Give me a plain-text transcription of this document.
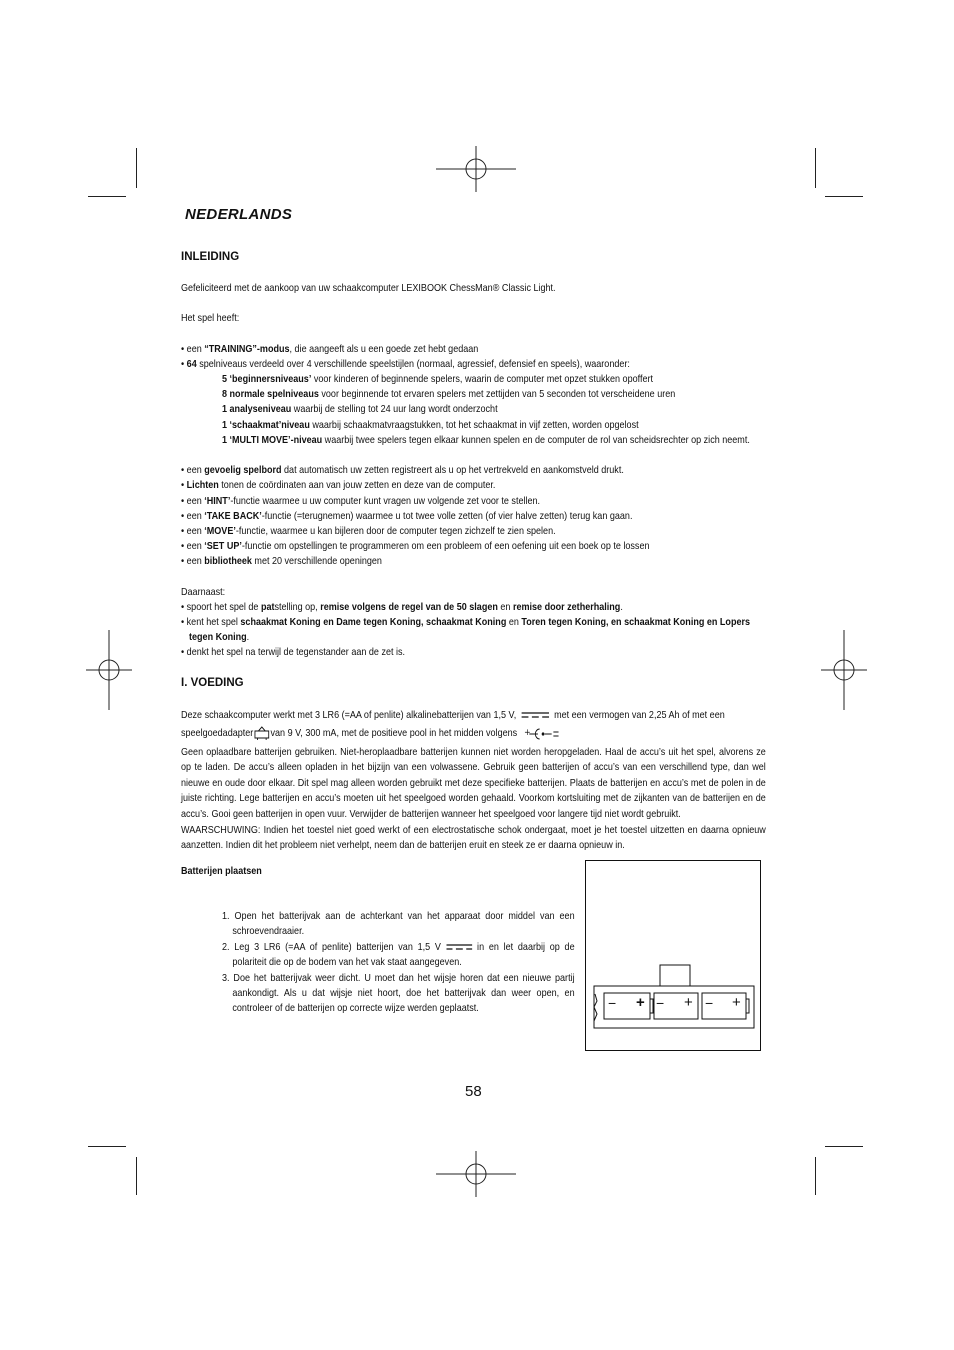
NEDERLANDS
INLEIDING
Gefeliciteerd met de aankoop van uw schaakcomputer LEXIBOOK ChessMan® Classic Light.
Het spel heeft:
• een “TRAINING”-modus, die aangeeft als u een goede zet hebt gedaan
• 64 spelniveaus verdeeld over 4 verschillende speelstijlen (normaal, agressief, defensief en speels), waaronder:
5 ‘beginnersniveaus’ voor kinderen of beginnende spelers, waarin de computer met opzet stukken opoffert
8 normale spelniveaus voor beginnende tot ervaren spelers met zettijden van 5 seconden tot verscheidene uren
1 analyseniveau waarbij de stelling tot 24 uur lang wordt onderzocht
1 ‘schaakmat’niveau waarbij schaakmatvraagstukken, tot het schaakmat in vijf zetten, worden opgelost
1 ‘MULTI MOVE’-niveau waarbij twee spelers tegen elkaar kunnen spelen en de computer de rol van scheidsrechter op zich neemt.
• een gevoelig spelbord dat automatisch uw zetten registreert als u op het vertrekveld en aankomstveld drukt.
• Lichten tonen de coördinaten aan van jouw zetten en deze van de computer.
• een ‘HINT’-functie waarmee u uw computer kunt vragen uw volgende zet voor te stellen.
• een ‘TAKE BACK’-functie (=terugnemen) waarmee u tot twee volle zetten (of vier halve zetten) terug kan gaan.
• een ‘MOVE’-functie, waarmee u kan bijleren door de computer tegen zichzelf te zien spelen.
• een ‘SET UP’-functie om opstellingen te programmeren om een probleem of een oefening uit een boek op te lossen
• een bibliotheek met 20 verschillende openingen
Daarnaast:
• spoort het spel de patstelling op, remise volgens de regel van de 50 slagen en remise door zetherhaling.
• kent het spel schaakmat Koning en Dame tegen Koning, schaakmat Koning en Toren tegen Koning, en schaakmat Koning en Lopers
tegen Koning.
• denkt het spel na terwijl de tegenstander aan de zet is.
I. VOEDING
Deze schaakcomputer werkt met 3 LR6 (=AA of penlite) alkalinebatterijen van 1,5 V,	met een vermogen van 2,25 Ah of met een
speelgoedadapter van 9 V, 300 mA, met de positieve pool in het midden volgens +
Geen oplaadbare batterijen gebruiken. Niet-heroplaadbare batterijen kunnen niet worden heropgeladen. Haal de accu’s uit het spel, alvorens ze op te laden. De accu’s alleen opladen in het bijzijn van een volwassene. Gebruik geen batterijen of accu’s van een verschillend type, dan wel nieuwe en oude door elkaar. Dit spel mag alleen worden gebruikt met deze specifieke batterijen. Plaats de batterijen en accu’s met de polen in de juiste richting. Lege batterijen en accu’s moeten uit het speelgoed worden gehaald. Voorkom kortsluiting met de zijkanten van de batterijen en de accu’s. Gooi geen batterijen in open vuur. Verwijder de batterijen wanneer het speelgoed voor langere tijd niet wordt gebruikt.
WAARSCHUWING: Indien het toestel niet goed werkt of een electrostatische schok ondergaat, moet je het toestel uitzetten en daarna opnieuw aanzetten. Indien dit het probleem niet verhelpt, neem dan de batterijen eruit en steek ze er daarna opnieuw in.
Batterijen plaatsen
1. Open het batterijvak aan de achterkant van het apparaat door middel van een schroevendraaier.
2. Leg 3 LR6 (=AA of penlite) batterijen van 1,5 V	in en let daarbij op de polariteit die op de bodem van het vak staat aangegeven.
3. Doe het batterijvak weer dicht. U moet dan het wijsje horen dat een nieuwe partij aankondigt. Als u dat wijsje niet hoort, doe het batterijvak dan weer open, en controleer of de batterijen op correcte wijze werden geplaatst.	− + − + − +
58
